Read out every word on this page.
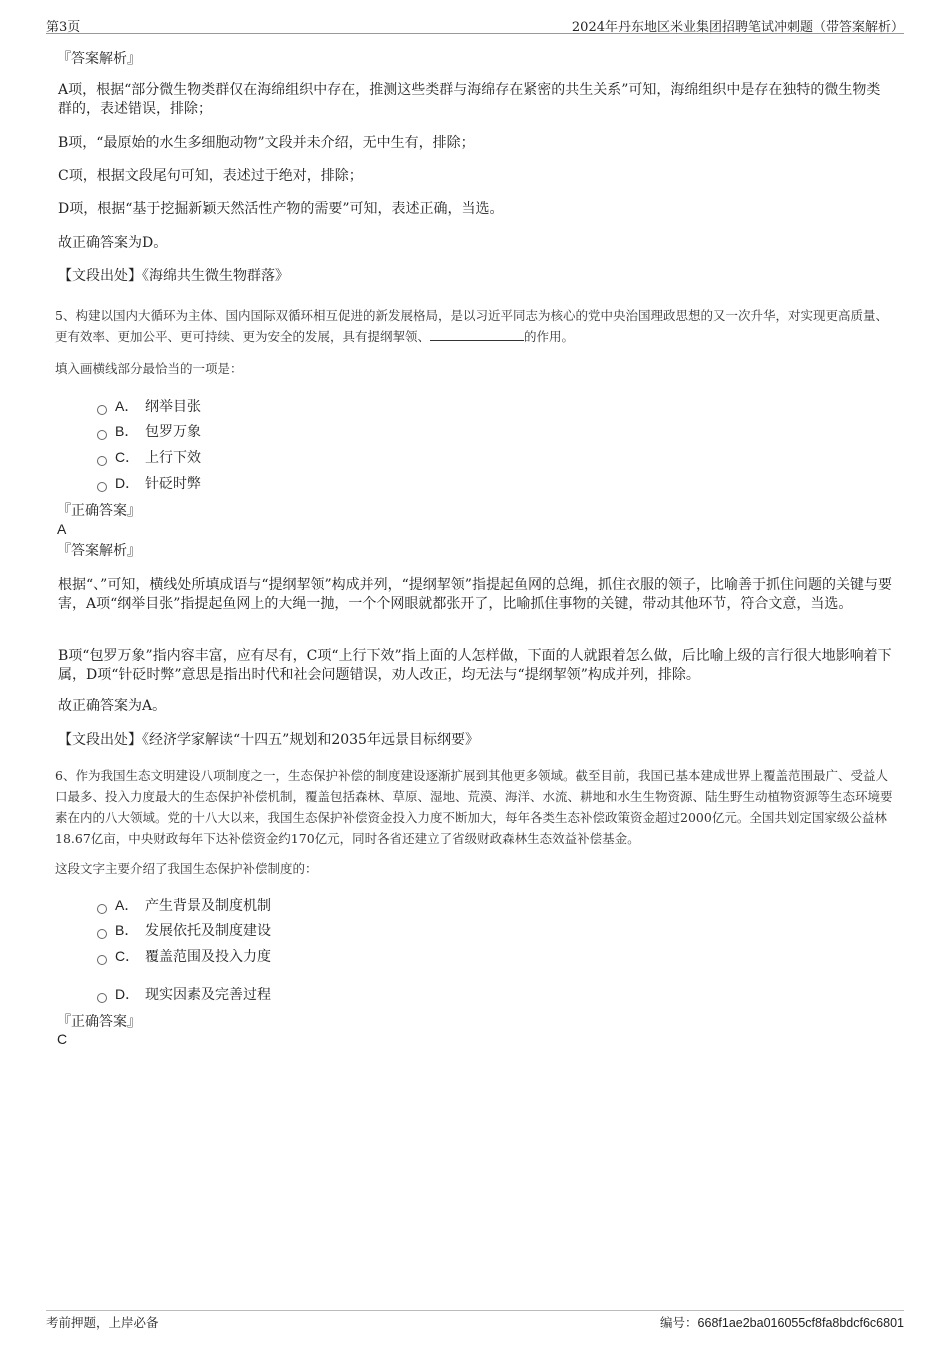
第3页	2024年丹东地区米业集团招聘笔试冲刺题（带答案解析）
『答案解析』
A项，根据“部分微生物类群仅在海绵组织中存在，推测这些类群与海绵存在紧密的共生关系”可知，海绵组织中是存在独特的微生物类群的，表述错误，排除；
B项，“最原始的水生多细胞动物”文段并未介绍，无中生有，排除；
C项，根据文段尾句可知，表述过于绝对，排除；
D项，根据“基于挖掘新颖天然活性产物的需要”可知，表述正确，当选。
故正确答案为D。
【文段出处】《海绵共生微生物群落》
5、构建以国内大循环为主体、国内国际双循环相互促进的新发展格局，是以习近平同志为核心的党中央治国理政思想的又一次升华，对实现更高质量、更有效率、更加公平、更可持续、更为安全的发展，具有提纲挈领、	的作用。
填入画横线部分最恰当的一项是：
A． 纲举目张
B． 包罗万象
C． 上行下效
D． 针砭时弊
『正确答案』
A
『答案解析』
根据“、”可知，横线处所填成语与“提纲挈领”构成并列，“提纲挈领”指提起鱼网的总绳，抓住衣服的领子，比喻善于抓住问题的关键与要害，A项“纲举目张”指提起鱼网上的大绳一抛，一个个网眼就都张开了，比喻抓住事物的关键，带动其他环节，符合文意，当选。
B项“包罗万象”指内容丰富，应有尽有，C项“上行下效”指上面的人怎样做，下面的人就跟着怎么做，后比喻上级的言行很大地影响着下属，D项“针砭时弊”意思是指出时代和社会问题错误，劝人改正，均无法与“提纲挈领”构成并列，排除。
故正确答案为A。
【文段出处】《经济学家解读“十四五”规划和2035年远景目标纲要》
6、作为我国生态文明建设八项制度之一，生态保护补偿的制度建设逐渐扩展到其他更多领域。截至目前，我国已基本建成世界上覆盖范围最广、受益人口最多、投入力度最大的生态保护补偿机制，覆盖包括森林、草原、湿地、荒漠、海洋、水流、耕地和水生生物资源、陆生野生动植物资源等生态环境要素在内的八大领域。党的十八大以来，我国生态保护补偿资金投入力度不断加大，每年各类生态补偿政策资金超过2000亿元。全国共划定国家级公益林18.67亿亩，中央财政每年下达补偿资金约170亿元，同时各省还建立了省级财政森林生态效益补偿基金。
这段文字主要介绍了我国生态保护补偿制度的：
A． 产生背景及制度机制
B． 发展依托及制度建设
C． 覆盖范围及投入力度
D． 现实因素及完善过程
『正确答案』
C
考前押题，上岸必备	编号：668f1ae2ba016055cf8fa8bdcf6c6801
